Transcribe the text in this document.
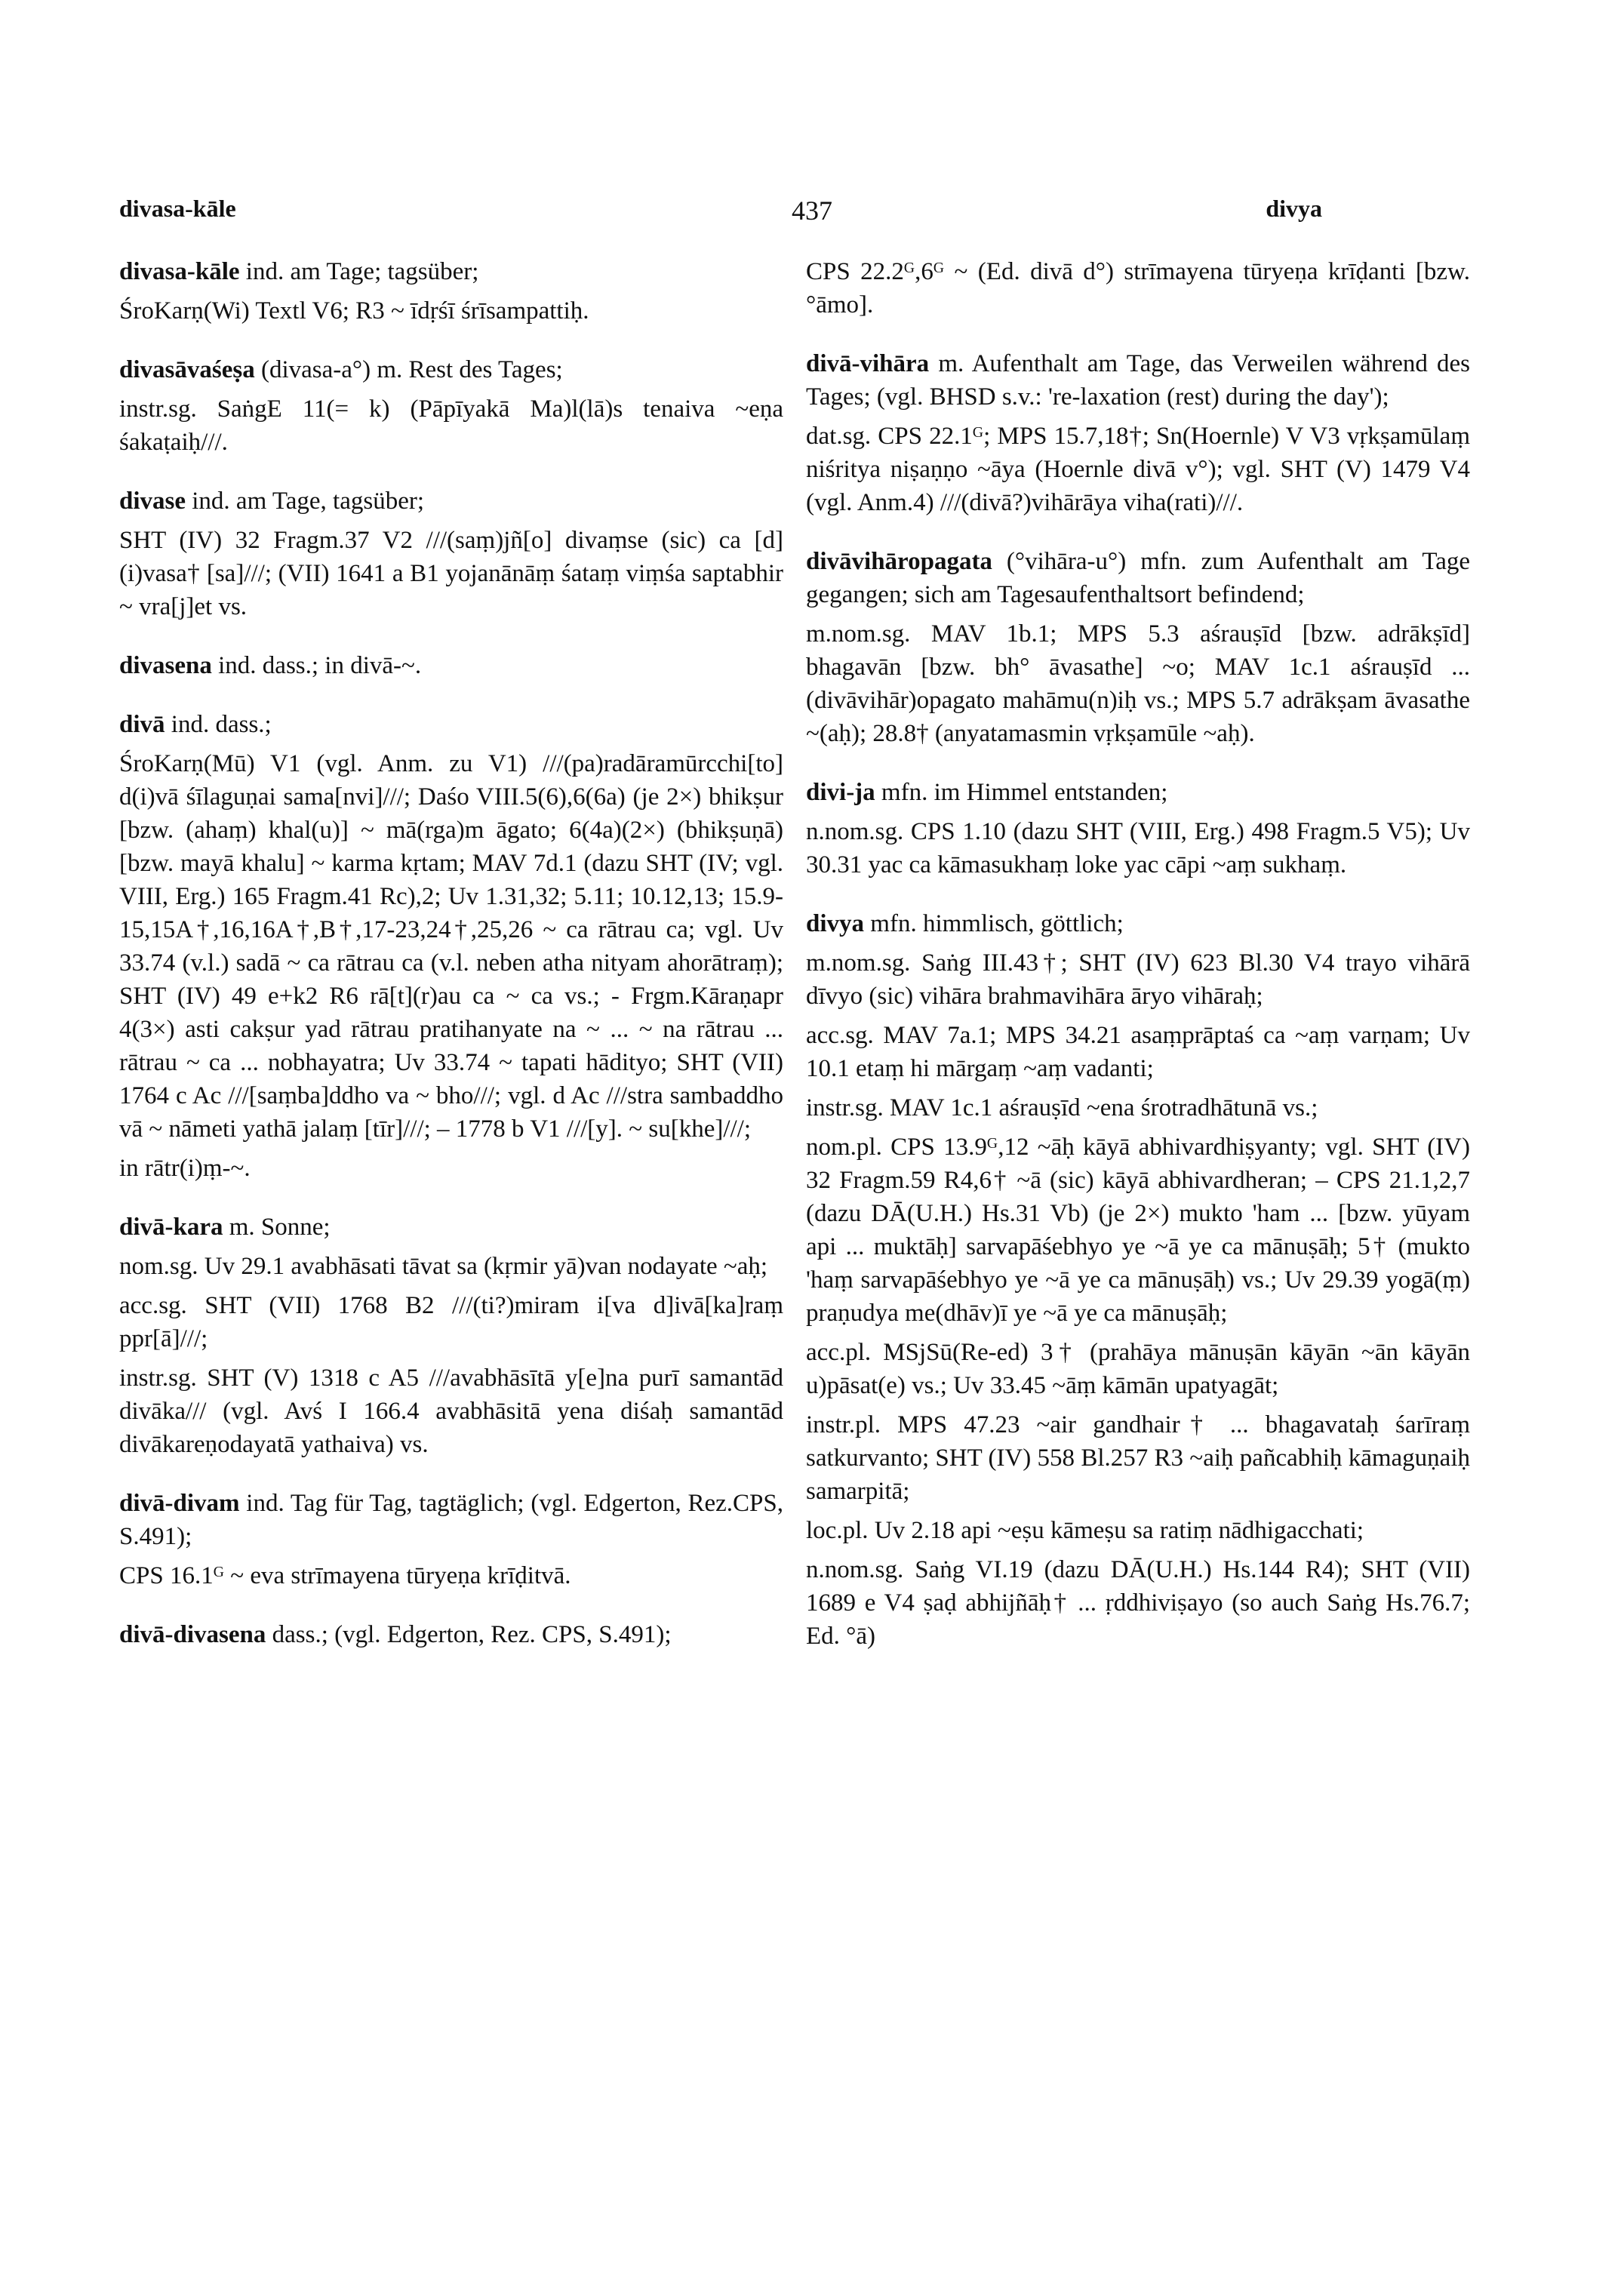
divasa-kāle	437	divya
divasa-kāle ind. am Tage; tagsüber;
ŚroKarṇ(Wi) Textl V6; R3 ~ īdṛśī śrīsampattiḥ.
divasāvaśeṣa (divasa-a°) m. Rest des Tages;
instr.sg. SaṅgE 11(= k) (Pāpīyakā Ma)l(lā)s tenaiva ~eṇa śakaṭaiḥ///.
divase ind. am Tage, tagsüber;
SHT (IV) 32 Fragm.37 V2 ///(saṃ)jñ[o] divaṃse (sic) ca [d](i)vasa† [sa]///; (VII) 1641 a B1 yojanānāṃ śataṃ viṃśa saptabhir ~ vra[j]et vs.
divasena ind. dass.; in divā-~.
divā ind. dass.;
ŚroKarṇ(Mū) V1 (vgl. Anm. zu V1) ///(pa)radāramūrcchi[to] d(i)vā śīlaguṇai sama[nvi]///; Daśo VIII.5(6),6(6a) (je 2×) bhikṣur [bzw. (ahaṃ) khal(u)] ~ mā(rga)m āgato; 6(4a)(2×) (bhikṣuṇā) [bzw. mayā khalu] ~ karma kṛtam; MAV 7d.1 (dazu SHT (IV; vgl. VIII, Erg.) 165 Fragm.41 Rc),2; Uv 1.31,32; 5.11; 10.12,13; 15.9-15,15A†,16,16A†,B†,17-23,24†,25,26 ~ ca rātrau ca; vgl. Uv 33.74 (v.l.) sadā ~ ca rātrau ca (v.l. neben atha nityam ahorātraṃ); SHT (IV) 49 e+k2 R6 rā[t](r)au ca ~ ca vs.; - Frgm.Kāraṇapr 4(3×) asti cakṣur yad rātrau pratihanyate na ~ ... ~ na rātrau ... rātrau ~ ca ... nobhayatra; Uv 33.74 ~ tapati hādityo; SHT (VII) 1764 c Ac ///[saṃba]ddho va ~ bho///; vgl. d Ac ///stra sambaddho vā ~ nāmeti yathā jalaṃ [tīr]///; – 1778 b V1 ///[y]. ~ su[khe]///;
in rātr(i)ṃ-~.
divā-kara m. Sonne;
nom.sg. Uv 29.1 avabhāsati tāvat sa (kṛmir yā)van nodayate ~aḥ;
acc.sg. SHT (VII) 1768 B2 ///(ti?)miram i[va d]ivā[ka]raṃ ppr[ā]///;
instr.sg. SHT (V) 1318 c A5 ///avabhāsītā y[e]na purī samantād divāka/// (vgl. Avś I 166.4 avabhāsitā yena diśaḥ samantād divākareṇodayatā yathaiva) vs.
divā-divam ind. Tag für Tag, tagtäglich; (vgl. Edgerton, Rez.CPS, S.491);
CPS 16.1ᴳ ~ eva strīmayena tūryeṇa krīḍitvā.
divā-divasena dass.; (vgl. Edgerton, Rez. CPS, S.491);
CPS 22.2ᴳ,6ᴳ ~ (Ed. divā d°) strīmayena tūryeṇa krīḍanti [bzw. °āmo].
divā-vihāra m. Aufenthalt am Tage, das Verweilen während des Tages; (vgl. BHSD s.v.: 're-laxation (rest) during the day');
dat.sg. CPS 22.1ᴳ; MPS 15.7,18†; Sn(Hoernle) V V3 vṛkṣamūlaṃ niśritya niṣaṇṇo ~āya (Hoernle divā v°); vgl. SHT (V) 1479 V4 (vgl. Anm.4) ///(divā?)vihārāya viha(rati)///.
divāvihāropagata (°vihāra-u°) mfn. zum Aufenthalt am Tage gegangen; sich am Tagesaufenthaltsort befindend;
m.nom.sg. MAV 1b.1; MPS 5.3 aśrauṣīd [bzw. adrākṣīd] bhagavān [bzw. bh° āvasathe] ~o; MAV 1c.1 aśrauṣīd ... (divāvihār)opagato mahāmu(n)iḥ vs.; MPS 5.7 adrākṣam āvasathe ~(aḥ); 28.8† (anyatamasmin vṛkṣamūle ~aḥ).
divi-ja mfn. im Himmel entstanden;
n.nom.sg. CPS 1.10 (dazu SHT (VIII, Erg.) 498 Fragm.5 V5); Uv 30.31 yac ca kāmasukhaṃ loke yac cāpi ~aṃ sukhaṃ.
divya mfn. himmlisch, göttlich;
m.nom.sg. Saṅg III.43†; SHT (IV) 623 Bl.30 V4 trayo vihārā dīvyo (sic) vihāra brahmavihāra āryo vihāraḥ;
acc.sg. MAV 7a.1; MPS 34.21 asaṃprāptaś ca ~aṃ varṇam; Uv 10.1 etaṃ hi mārgaṃ ~aṃ vadanti;
instr.sg. MAV 1c.1 aśrauṣīd ~ena śrotradhātunā vs.;
nom.pl. CPS 13.9ᴳ,12 ~āḥ kāyā abhivardhiṣyanty; vgl. SHT (IV) 32 Fragm.59 R4,6† ~ā (sic) kāyā abhivardheran; – CPS 21.1,2,7 (dazu DĀ(U.H.) Hs.31 Vb) (je 2×) mukto 'ham ... [bzw. yūyam api ... muktāḥ] sarvapāśebhyo ye ~ā ye ca mānuṣāḥ; 5† (mukto 'haṃ sarvapāśebhyo ye ~ā ye ca mānuṣāḥ) vs.; Uv 29.39 yogā(ṃ) praṇudya me(dhāv)ī ye ~ā ye ca mānuṣāḥ;
acc.pl. MSjSū(Re-ed) 3† (prahāya mānuṣān kāyān ~ān kāyān u)pāsat(e) vs.; Uv 33.45 ~āṃ kāmān upatyagāt;
instr.pl. MPS 47.23 ~air gandhair† ... bhagavataḥ śarīraṃ satkurvanto; SHT (IV) 558 Bl.257 R3 ~aiḥ pañcabhiḥ kāmaguṇaiḥ samarpitā;
loc.pl. Uv 2.18 api ~eṣu kāmeṣu sa ratiṃ nādhigacchati;
n.nom.sg. Saṅg VI.19 (dazu DĀ(U.H.) Hs.144 R4); SHT (VII) 1689 e V4 ṣaḍ abhijñāḥ† ... ṛddhiviṣayo (so auch Saṅg Hs.76.7; Ed. °ā)
